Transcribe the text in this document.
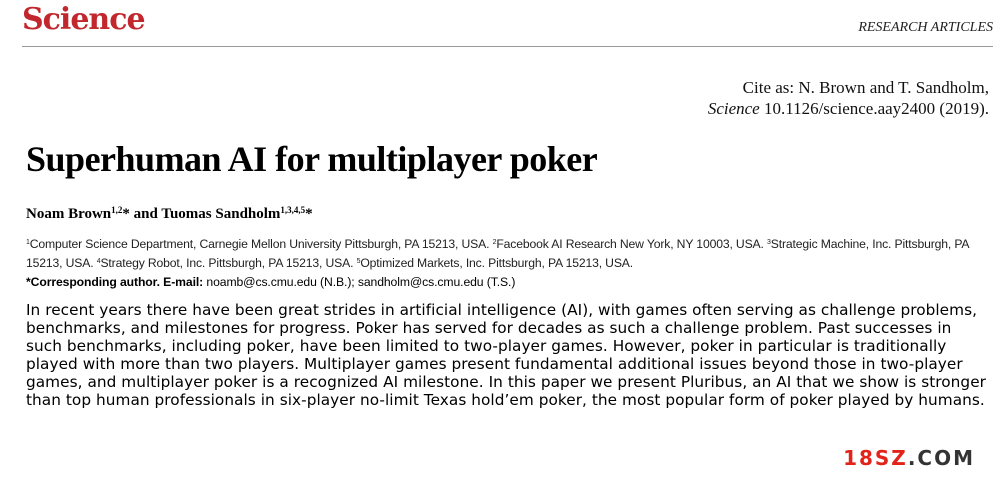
Science	RESEARCH ARTICLES
Cite as: N. Brown and T. Sandholm,
Science 10.1126/science.aay2400 (2019).
Superhuman AI for multiplayer poker
Noam Brown$^{1,2}$* and Tuomas Sandholm$^{1,3,4,5}$*
$^1$Computer Science Department, Carnegie Mellon University Pittsburgh, PA 15213, USA. $^2$Facebook AI Research New York, NY 10003, USA. $^3$Strategic Machine, Inc. Pittsburgh, PA 15213, USA. $^4$Strategy Robot, Inc. Pittsburgh, PA 15213, USA. $^5$Optimized Markets, Inc. Pittsburgh, PA 15213, USA.
*Corresponding author. E-mail: noamb@cs.cmu.edu (N.B.); sandholm@cs.cmu.edu (T.S.)
In recent years there have been great strides in artificial intelligence (AI), with games often serving as challenge problems, benchmarks, and milestones for progress. Poker has served for decades as such a challenge problem. Past successes in such benchmarks, including poker, have been limited to two-player games. However, poker in particular is traditionally played with more than two players. Multiplayer games present fundamental additional issues beyond those in two-player games, and multiplayer poker is a recognized AI milestone. In this paper we present Pluribus, an AI that we show is stronger than top human professionals in six-player no-limit Texas hold’em poker, the most popular form of poker played by humans.
18SZ.COM
